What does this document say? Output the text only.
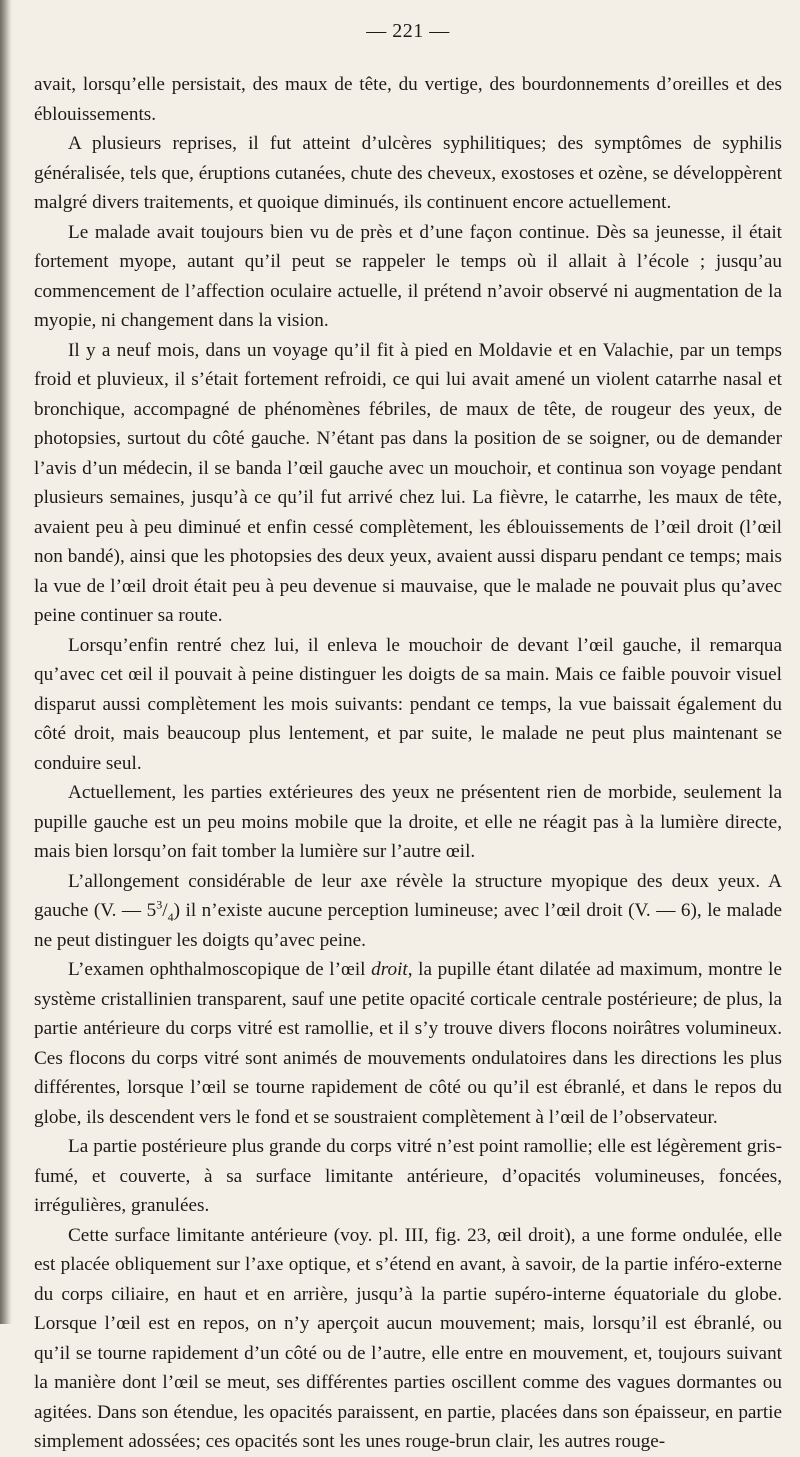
— 221 —

avait, lorsqu’elle persistait, des maux de tête, du vertige, des bourdonnements d’oreilles et des éblouissements.

A plusieurs reprises, il fut atteint d’ulcères syphilitiques; des symptômes de syphilis généralisée, tels que, éruptions cutanées, chute des cheveux, exostoses et ozène, se développèrent malgré divers traitements, et quoique diminués, ils continuent encore actuellement.

Le malade avait toujours bien vu de près et d’une façon continue. Dès sa jeunesse, il était fortement myope, autant qu’il peut se rappeler le temps où il allait à l’école ; jusqu’au commencement de l’affection oculaire actuelle, il prétend n’avoir observé ni augmentation de la myopie, ni changement dans la vision.

Il y a neuf mois, dans un voyage qu’il fit à pied en Moldavie et en Valachie, par un temps froid et pluvieux, il s’était fortement refroidi, ce qui lui avait amené un violent catarrhe nasal et bronchique, accompagné de phénomènes fébriles, de maux de tête, de rougeur des yeux, de photopsies, surtout du côté gauche. N’étant pas dans la position de se soigner, ou de demander l’avis d’un médecin, il se banda l’œil gauche avec un mouchoir, et continua son voyage pendant plusieurs semaines, jusqu’à ce qu’il fut arrivé chez lui. La fièvre, le catarrhe, les maux de tête, avaient peu à peu diminué et enfin cessé complètement, les éblouissements de l’œil droit (l’œil non bandé), ainsi que les photopsies des deux yeux, avaient aussi disparu pendant ce temps; mais la vue de l’œil droit était peu à peu devenue si mauvaise, que le malade ne pouvait plus qu’avec peine continuer sa route.

Lorsqu’enfin rentré chez lui, il enleva le mouchoir de devant l’œil gauche, il remarqua qu’avec cet œil il pouvait à peine distinguer les doigts de sa main. Mais ce faible pouvoir visuel disparut aussi complètement les mois suivants: pendant ce temps, la vue baissait également du côté droit, mais beaucoup plus lentement, et par suite, le malade ne peut plus maintenant se conduire seul.

Actuellement, les parties extérieures des yeux ne présentent rien de morbide, seulement la pupille gauche est un peu moins mobile que la droite, et elle ne réagit pas à la lumière directe, mais bien lorsqu’on fait tomber la lumière sur l’autre œil.

L’allongement considérable de leur axe révèle la structure myopique des deux yeux. A gauche (V. — $5^3/_4$) il n’existe aucune perception lumineuse; avec l’œil droit (V. — 6), le malade ne peut distinguer les doigts qu’avec peine.

L’examen ophthalmoscopique de l’œil droit, la pupille étant dilatée ad maximum, montre le système cristallinien transparent, sauf une petite opacité corticale centrale postérieure; de plus, la partie antérieure du corps vitré est ramollie, et il s’y trouve divers flocons noirâtres volumineux. Ces flocons du corps vitré sont animés de mouvements ondulatoires dans les directions les plus différentes, lorsque l’œil se tourne rapidement de côté ou qu’il est ébranlé, et dans le repos du globe, ils descendent vers le fond et se soustraient complètement à l’œil de l’observateur.

La partie postérieure plus grande du corps vitré n’est point ramollie; elle est légèrement gris-fumé, et couverte, à sa surface limitante antérieure, d’opacités volumineuses, foncées, irrégulières, granulées.

Cette surface limitante antérieure (voy. pl. III, fig. 23, œil droit), a une forme ondulée, elle est placée obliquement sur l’axe optique, et s’étend en avant, à savoir, de la partie inféro-externe du corps ciliaire, en haut et en arrière, jusqu’à la partie supéro-interne équatoriale du globe. Lorsque l’œil est en repos, on n’y aperçoit aucun mouvement; mais, lorsqu’il est ébranlé, ou qu’il se tourne rapidement d’un côté ou de l’autre, elle entre en mouvement, et, toujours suivant la manière dont l’œil se meut, ses différentes parties oscillent comme des vagues dormantes ou agitées. Dans son étendue, les opacités paraissent, en partie, placées dans son épaisseur, en partie simplement adossées; ces opacités sont les unes rouge-brun clair, les autres rouge-
